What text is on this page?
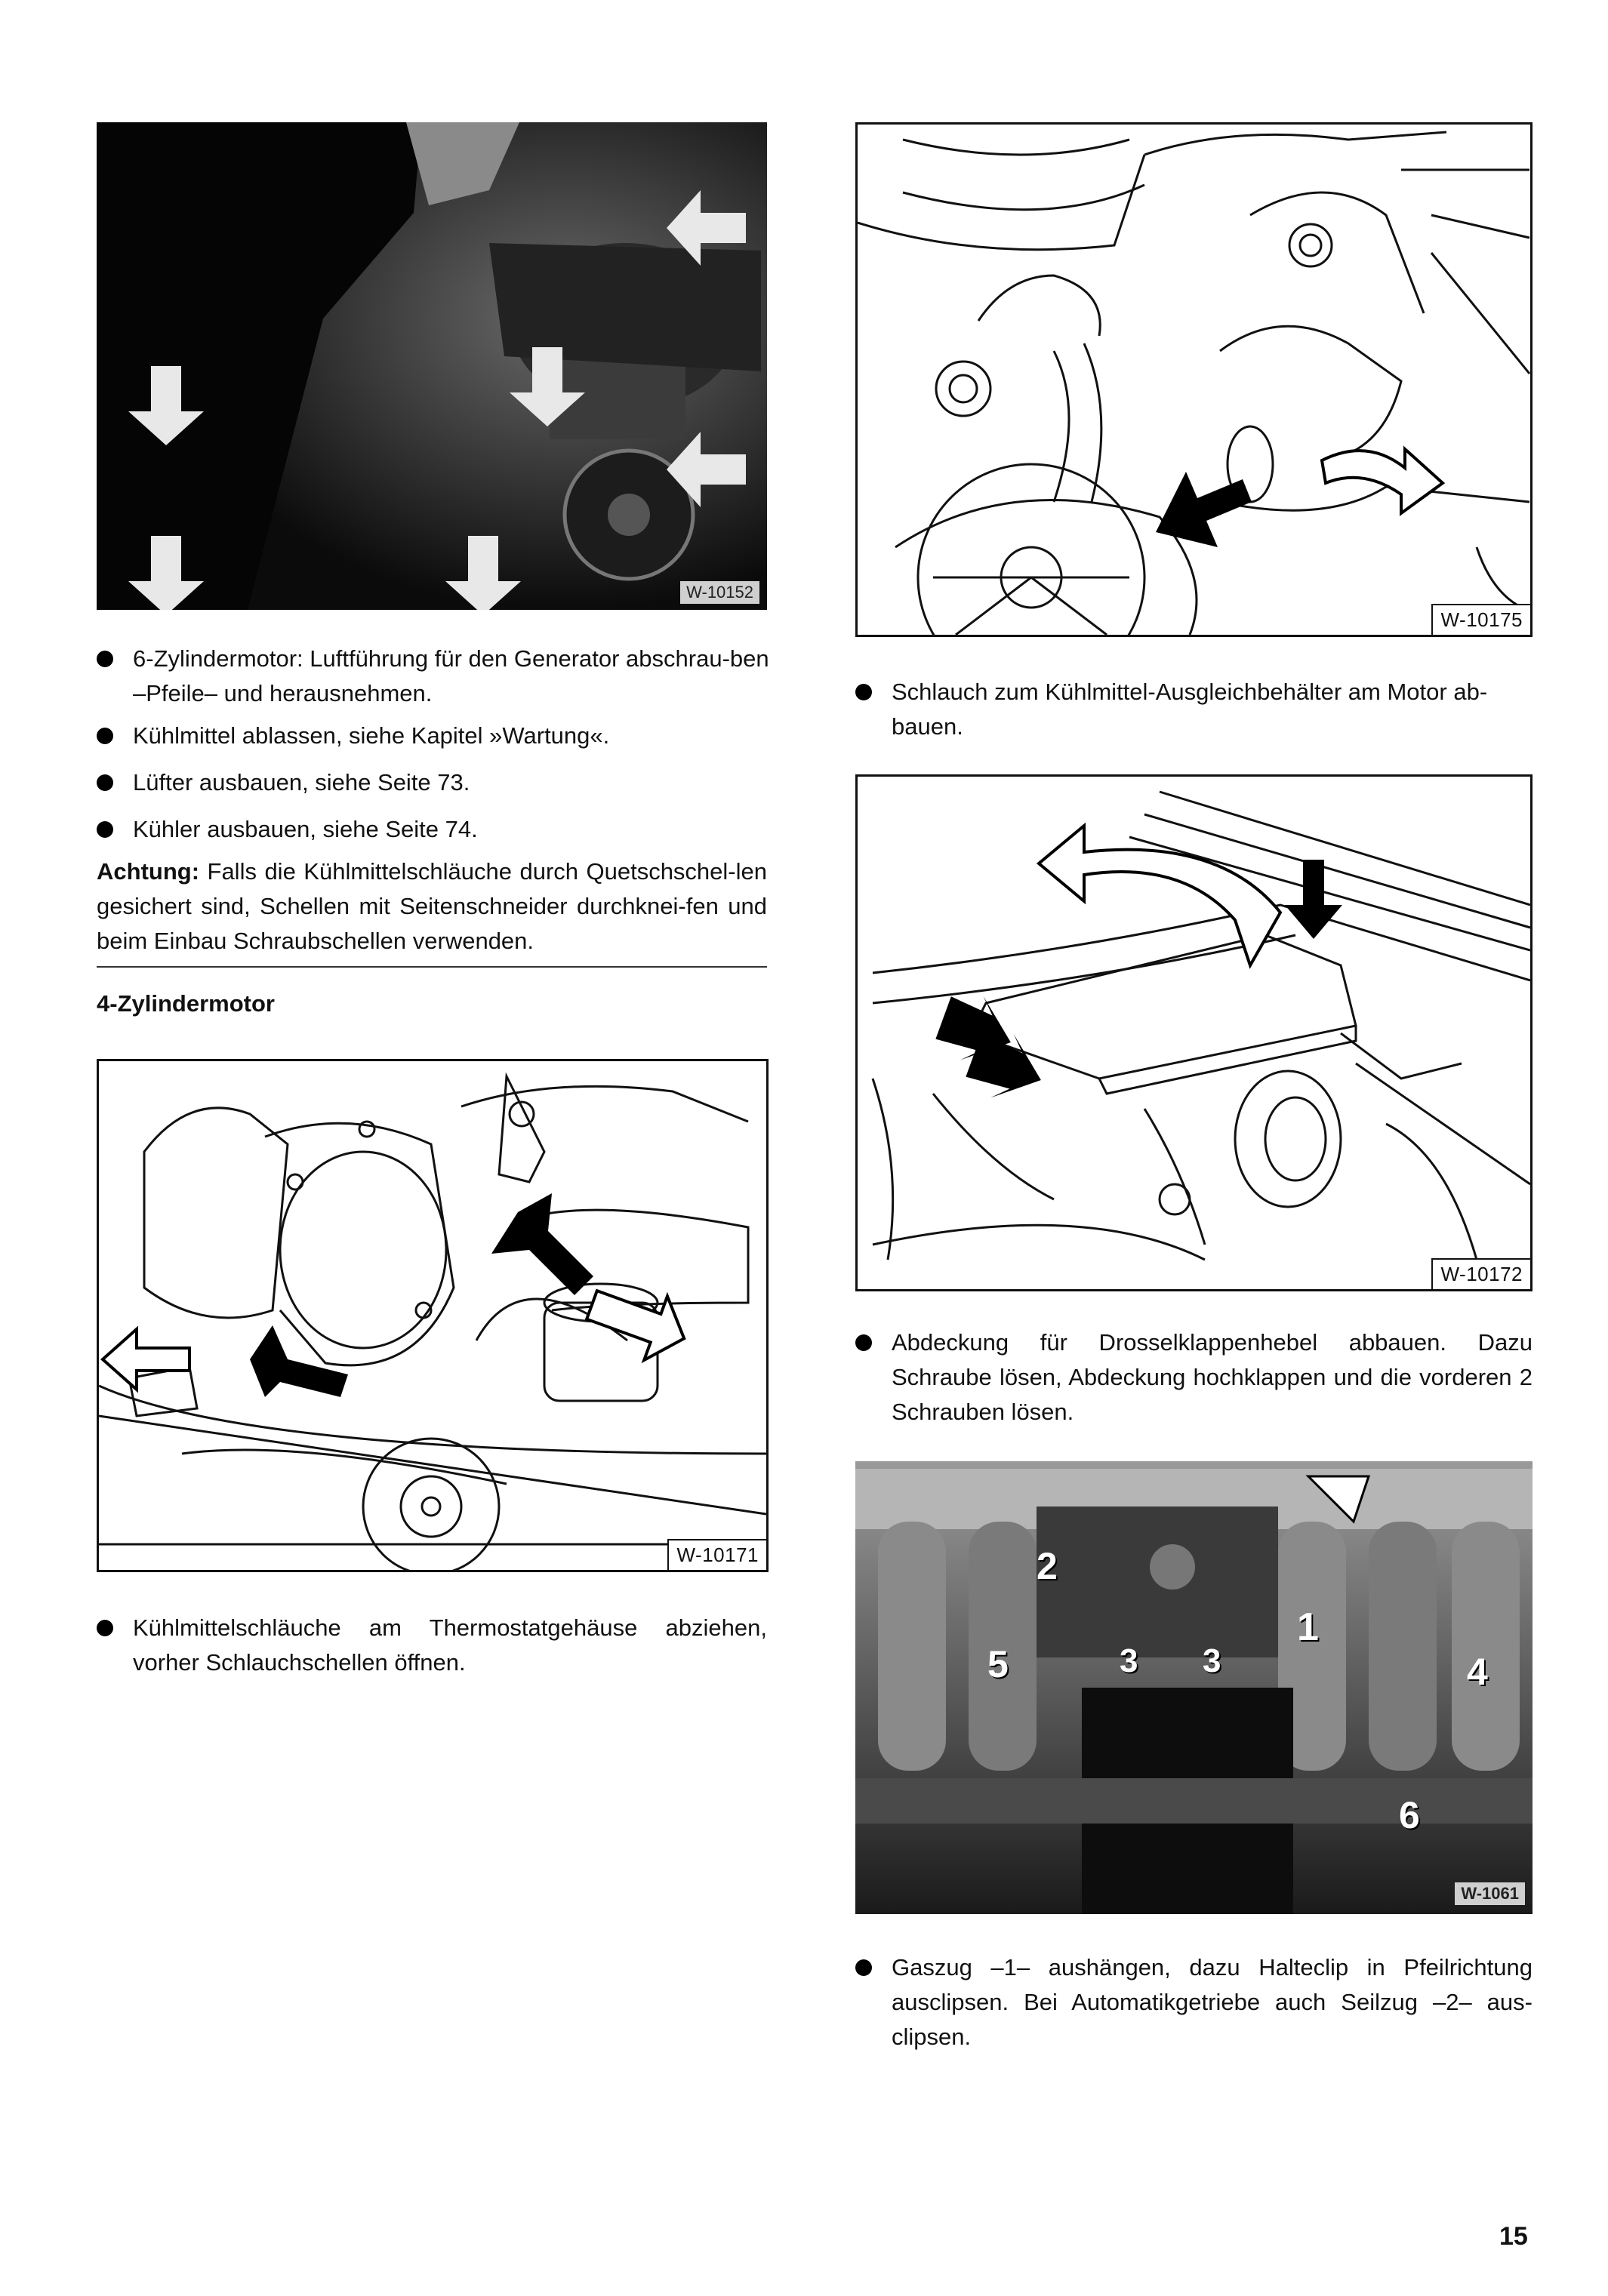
W-10152
6-Zylindermotor: Luftführung für den Generator abschrau-ben –Pfeile– und herausnehmen.
Kühlmittel ablassen, siehe Kapitel »Wartung«.
Lüfter ausbauen, siehe Seite 73.
Kühler ausbauen, siehe Seite 74.
Achtung: Falls die Kühlmittelschläuche durch Quetschschel-len gesichert sind, Schellen mit Seitenschneider durchknei-fen und beim Einbau Schraubschellen verwenden.
4-Zylindermotor
W-10171
Kühlmittelschläuche am Thermostatgehäuse abziehen, vorher Schlauchschellen öffnen.
W-10175
Schlauch zum Kühlmittel-Ausgleichbehälter am Motor ab-bauen.
W-10172
Abdeckung für Drosselklappenhebel abbauen. Dazu Schraube lösen, Abdeckung hochklappen und die vorderen 2 Schrauben lösen.
2
1
3 3	4
5
6
W-1061
Gaszug –1– aushängen, dazu Halteclip in Pfeilrichtung ausclipsen. Bei Automatikgetriebe auch Seilzug –2– aus-clipsen.
15
